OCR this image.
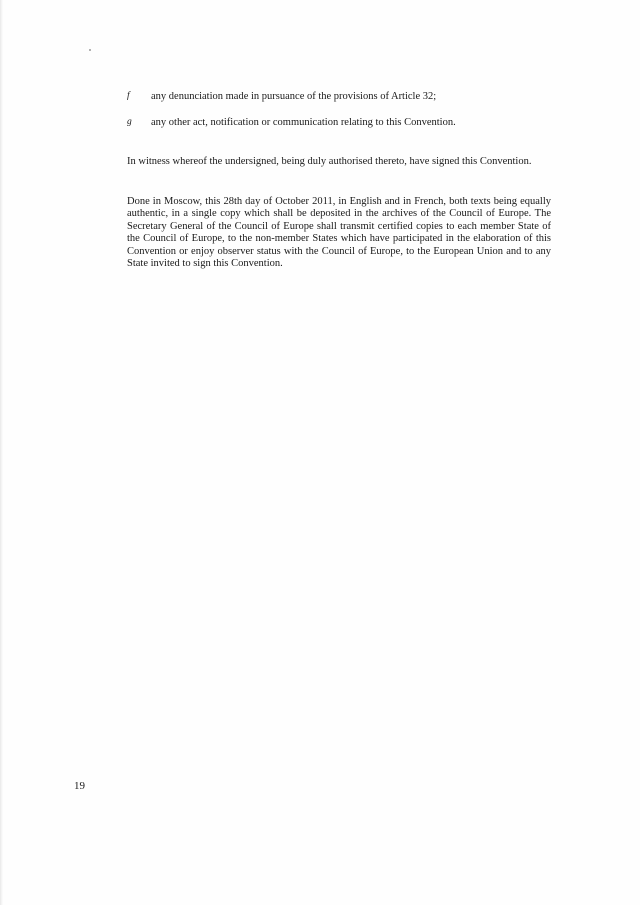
f any denunciation made in pursuance of the provisions of Article 32;
g any other act, notification or communication relating to this Convention.

In witness whereof the undersigned, being duly authorised thereto, have signed this Convention.

Done in Moscow, this 28th day of October 2011, in English and in French, both texts being equally authentic, in a single copy which shall be deposited in the archives of the Council of Europe. The Secretary General of the Council of Europe shall transmit certified copies to each member State of the Council of Europe, to the non-member States which have participated in the elaboration of this Convention or enjoy observer status with the Council of Europe, to the European Union and to any State invited to sign this Convention.

19
